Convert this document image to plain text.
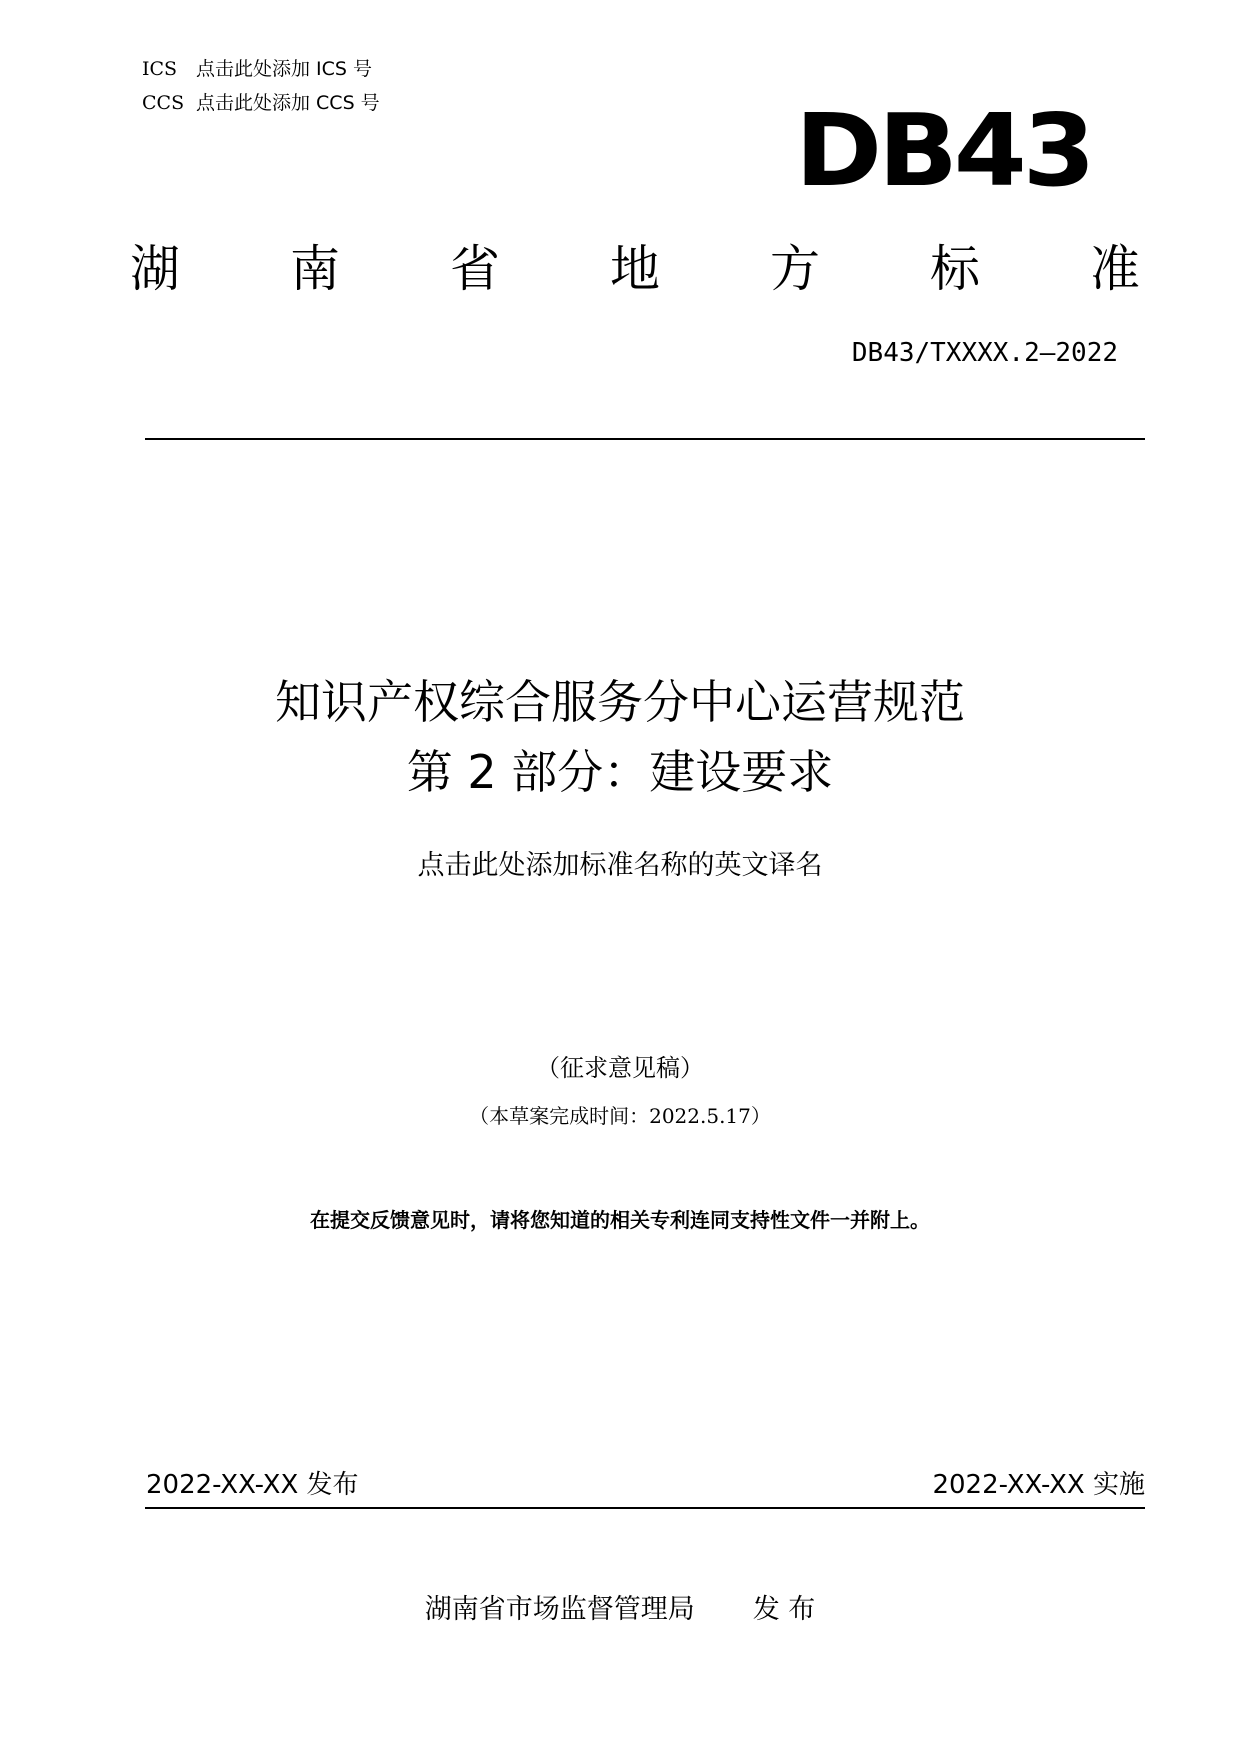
ICS 点击此处添加 ICS 号
CCS 点击此处添加 CCS 号	DB43
湖 南 省 地 方 标 准
DB43/TXXXX.2—2022
知识产权综合服务分中心运营规范
第 2 部分：建设要求
点击此处添加标准名称的英文译名
（征求意见稿）
（本草案完成时间：2022.5.17）
在提交反馈意见时，请将您知道的相关专利连同支持性文件一并附上。
2022-XX-XX 发布	2022-XX-XX 实施
湖南省市场监督管理局 发 布
